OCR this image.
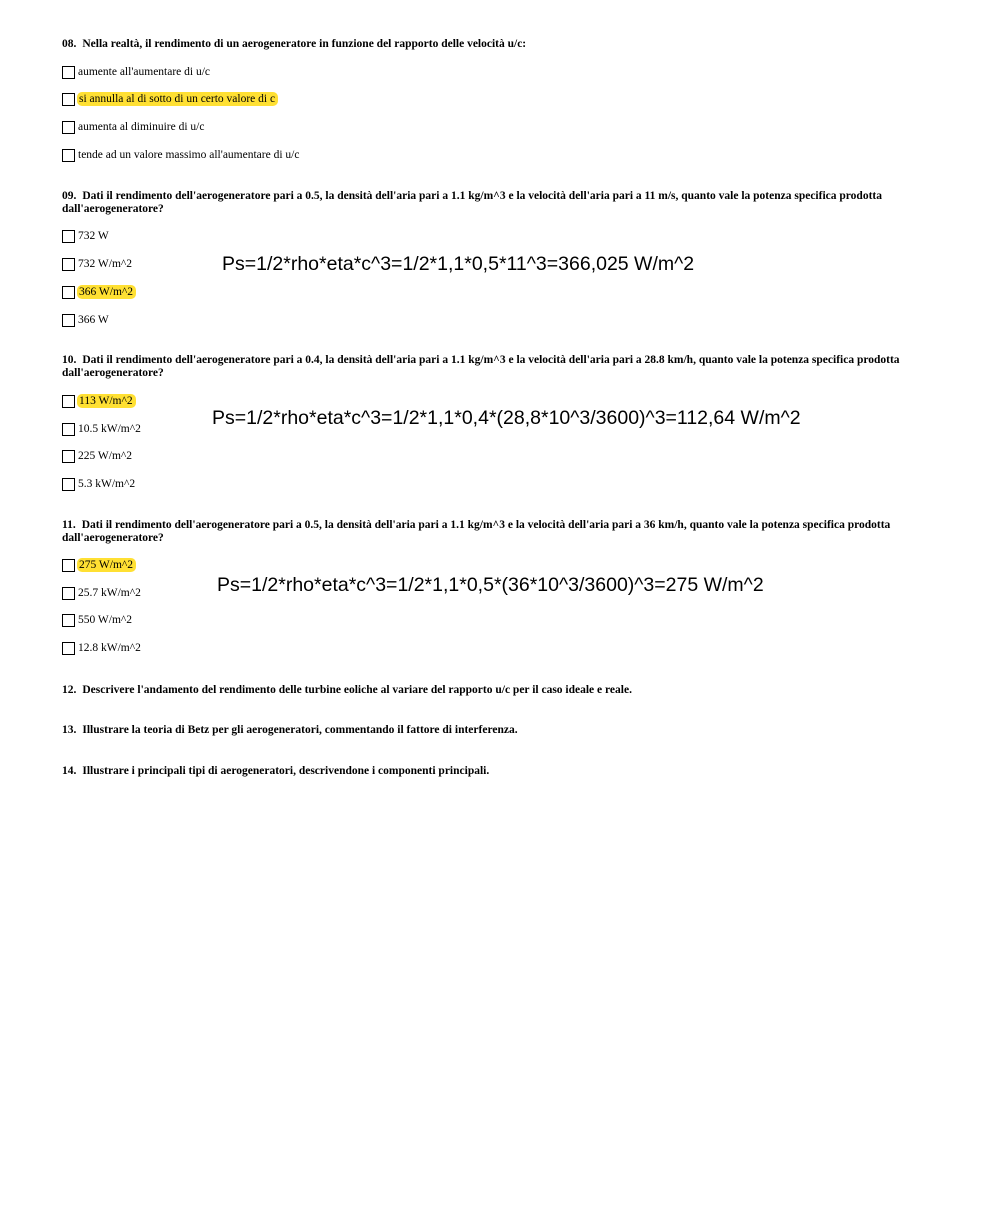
08. Nella realtà, il rendimento di un aerogeneratore in funzione del rapporto delle velocità u/c:
aumente all'aumentare di u/c
si annulla al di sotto di un certo valore di c
aumenta al diminuire di u/c
tende ad un valore massimo all'aumentare di u/c
09. Dati il rendimento dell'aerogeneratore pari a 0.5, la densità dell'aria pari a 1.1 kg/m^3 e la velocità dell'aria pari a 11 m/s, quanto vale la potenza specifica prodotta dall'aerogeneratore?
732 W
732 W/m^2
366 W/m^2
366 W
Ps=1/2*rho*eta*c^3=1/2*1,1*0,5*11^3=366,025 W/m^2
10. Dati il rendimento dell'aerogeneratore pari a 0.4, la densità dell'aria pari a 1.1 kg/m^3 e la velocità dell'aria pari a 28.8 km/h, quanto vale la potenza specifica prodotta dall'aerogeneratore?
113 W/m^2
10.5 kW/m^2
225 W/m^2
5.3 kW/m^2
Ps=1/2*rho*eta*c^3=1/2*1,1*0,4*(28,8*10^3/3600)^3=112,64 W/m^2
11. Dati il rendimento dell'aerogeneratore pari a 0.5, la densità dell'aria pari a 1.1 kg/m^3 e la velocità dell'aria pari a 36 km/h, quanto vale la potenza specifica prodotta dall'aerogeneratore?
275 W/m^2
25.7 kW/m^2
550 W/m^2
12.8 kW/m^2
Ps=1/2*rho*eta*c^3=1/2*1,1*0,5*(36*10^3/3600)^3=275 W/m^2
12. Descrivere l'andamento del rendimento delle turbine eoliche al variare del rapporto u/c per il caso ideale e reale.
13. Illustrare la teoria di Betz per gli aerogeneratori, commentando il fattore di interferenza.
14. Illustrare i principali tipi di aerogeneratori, descrivendone i componenti principali.
